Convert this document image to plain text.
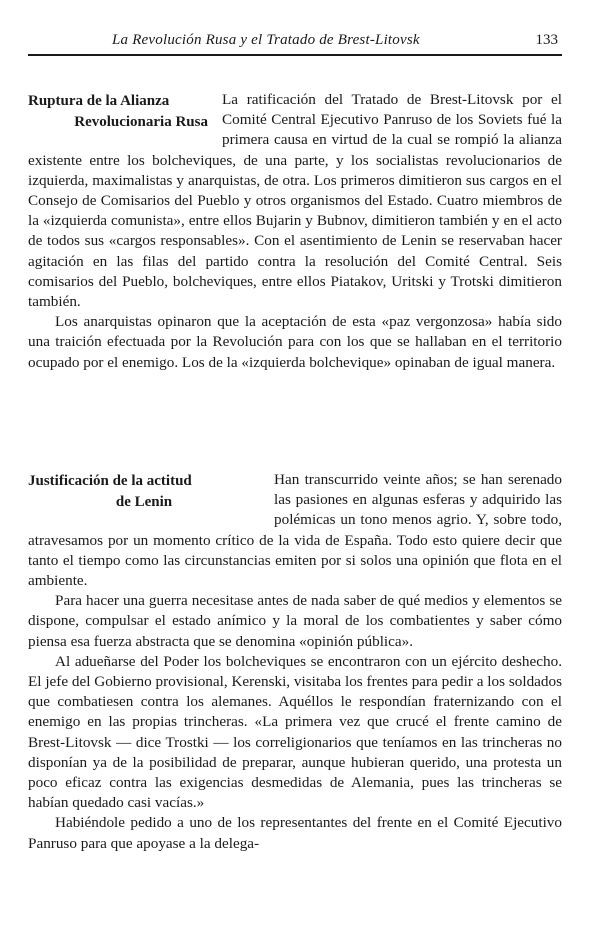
La Revolución Rusa y el Tratado de Brest-Litovsk	133
Ruptura de la Alianza
Revolucionaria Rusa

La ratificación del Tratado de Brest-Litovsk por el Comité Central Ejecutivo Panruso de los Soviets fué la primera causa en virtud de la cual se rompió la alianza existente entre los bolcheviques, de una parte, y los socialistas revolucionarios de izquierda, maximalistas y anarquistas, de otra. Los primeros dimitieron sus cargos en el Consejo de Comisarios del Pueblo y otros organismos del Estado. Cuatro miembros de la «izquierda comunista», entre ellos Bujarin y Bubnov, dimitieron también y en el acto de todos sus «cargos responsables». Con el asentimiento de Lenin se reservaban hacer agitación en las filas del partido contra la resolución del Comité Central. Seis comisarios del Pueblo, bolcheviques, entre ellos Piatakov, Uritski y Trotski dimitieron también.

Los anarquistas opinaron que la aceptación de esta «paz vergonzosa» había sido una traición efectuada por la Revolución para con los que se hallaban en el territorio ocupado por el enemigo. Los de la «izquierda bolchevique» opinaban de igual manera.

Justificación de la actitud
de Lenin

Han transcurrido veinte años; se han serenado las pasiones en algunas esferas y adquirido las polémicas un tono menos agrio. Y, sobre todo, atravesamos por un momento crítico de la vida de España. Todo esto quiere decir que tanto el tiempo como las circunstancias emiten por si solos una opinión que flota en el ambiente.

Para hacer una guerra necesitase antes de nada saber de qué medios y elementos se dispone, compulsar el estado anímico y la moral de los combatientes y saber cómo piensa esa fuerza abstracta que se denomina «opinión pública».

Al adueñarse del Poder los bolcheviques se encontraron con un ejército deshecho. El jefe del Gobierno provisional, Kerenski, visitaba los frentes para pedir a los soldados que combatiesen contra los alemanes. Aquéllos le respondían fraternizando con el enemigo en las propias trincheras. «La primera vez que crucé el frente camino de Brest-Litovsk — dice Trostki — los correligionarios que teníamos en las trincheras no disponían ya de la posibilidad de preparar, aunque hubieran querido, una protesta un poco eficaz contra las exigencias desmedidas de Alemania, pues las trincheras se habían quedado casi vacías.»

Habiéndole pedido a uno de los representantes del frente en el Comité Ejecutivo Panruso para que apoyase a la delega-
